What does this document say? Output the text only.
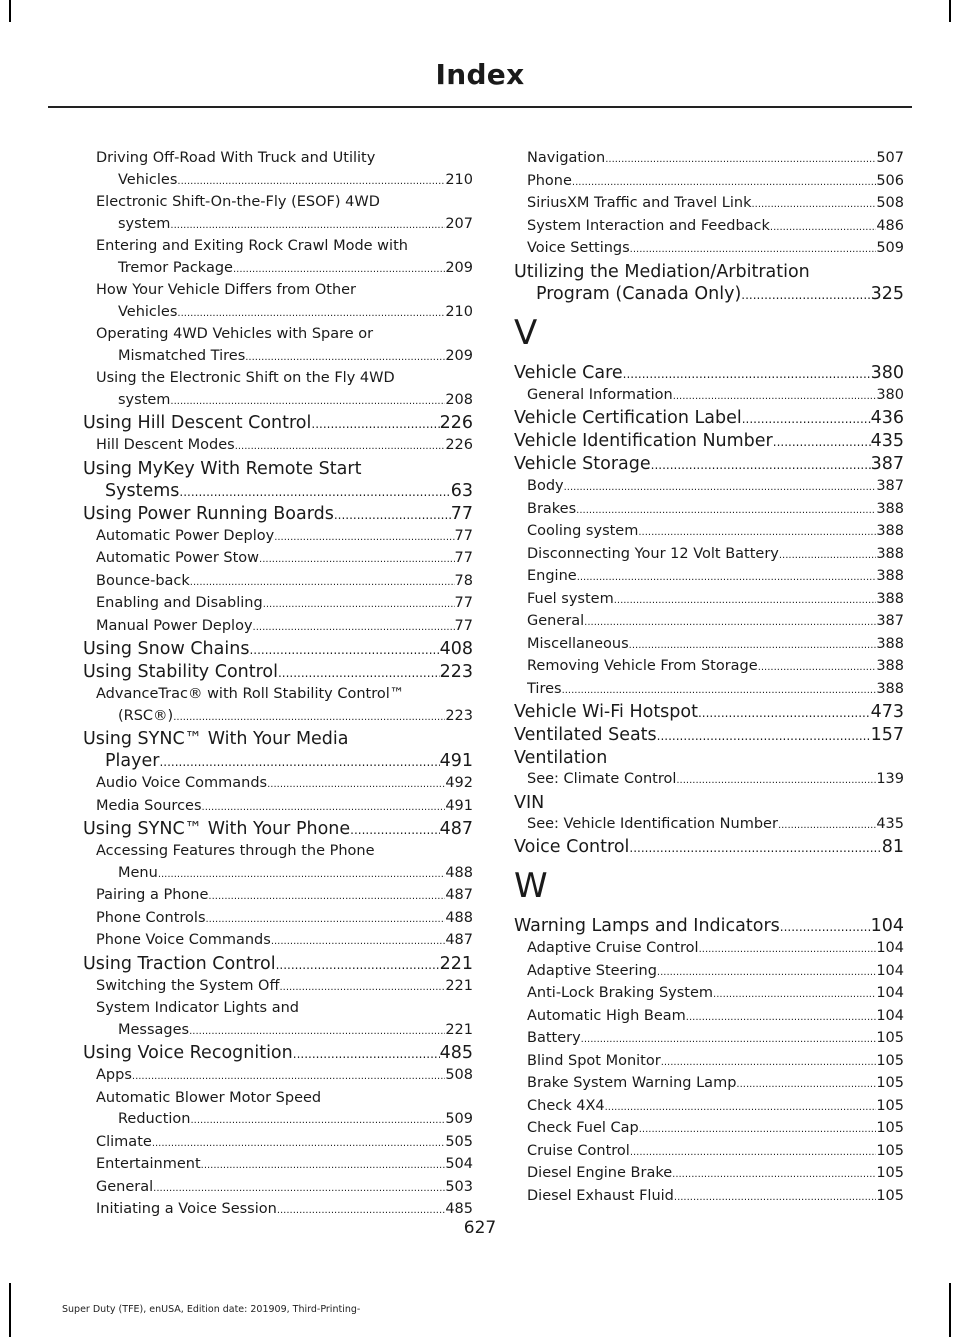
Index
Driving Off-Road With Truck and Utility
Vehicles .....	210
Electronic Shift-On-the-Fly (ESOF) 4WD
system .....	207
Entering and Exiting Rock Crawl Mode with
Tremor Package .....	209
How Your Vehicle Differs from Other
Vehicles .....	210
Operating 4WD Vehicles with Spare or
Mismatched Tires .....	209
Using the Electronic Shift on the Fly 4WD
system .....	208
Using Hill Descent Control .....	226
Hill Descent Modes .....	226
Using MyKey With Remote Start
Systems .....	63
Using Power Running Boards .....	77
Automatic Power Deploy .....	77
Automatic Power Stow .....	77
Bounce-back .....	78
Enabling and Disabling .....	77
Manual Power Deploy .....	77
Using Snow Chains .....	408
Using Stability Control .....	223
AdvanceTrac® with Roll Stability Control™
(RSC®) .....	223
Using SYNC™ With Your Media
Player .....	491
Audio Voice Commands .....	492
Media Sources .....	491
Using SYNC™ With Your Phone .....	487
Accessing Features through the Phone
Menu .....	488
Pairing a Phone .....	487
Phone Controls .....	488
Phone Voice Commands .....	487
Using Traction Control .....	221
Switching the System Off .....	221
System Indicator Lights and
Messages .....	221
Using Voice Recognition .....	485
Apps .....	508
Automatic Blower Motor Speed
Reduction .....	509
Climate .....	505
Entertainment .....	504
General .....	503
Initiating a Voice Session .....	485
Navigation .....	507
Phone .....	506
SiriusXM Traffic and Travel Link .....	508
System Interaction and Feedback .....	486
Voice Settings .....	509
Utilizing the Mediation/Arbitration
Program (Canada Only) .....	325
V
Vehicle Care .....	380
General Information .....	380
Vehicle Certification Label .....	436
Vehicle Identification Number .....	435
Vehicle Storage .....	387
Body .....	387
Brakes .....	388
Cooling system .....	388
Disconnecting Your 12 Volt Battery .....	388
Engine .....	388
Fuel system .....	388
General .....	387
Miscellaneous .....	388
Removing Vehicle From Storage .....	388
Tires .....	388
Vehicle Wi-Fi Hotspot .....	473
Ventilated Seats .....	157
Ventilation
See: Climate Control .....	139
VIN
See: Vehicle Identification Number .....	435
Voice Control .....	81
W
Warning Lamps and Indicators .....	104
Adaptive Cruise Control .....	104
Adaptive Steering .....	104
Anti-Lock Braking System .....	104
Automatic High Beam .....	104
Battery .....	105
Blind Spot Monitor .....	105
Brake System Warning Lamp .....	105
Check 4X4 .....	105
Check Fuel Cap .....	105
Cruise Control .....	105
Diesel Engine Brake .....	105
Diesel Exhaust Fluid .....	105
627
Super Duty (TFE), enUSA, Edition date: 201909, Third-Printing-
